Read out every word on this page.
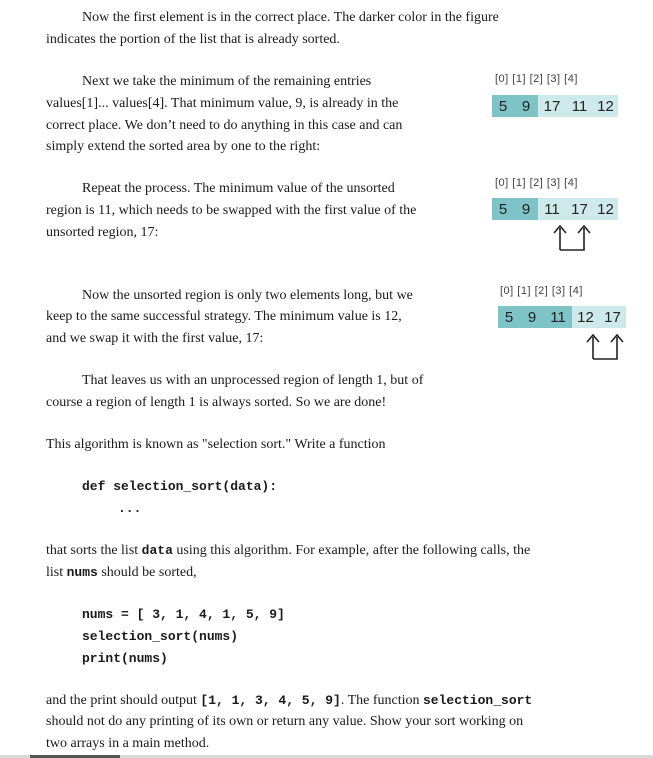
Now the first element is in the correct place. The darker color in the figure

indicates the portion of the list that is already sorted.

Next we take the minimum of the remaining entries

values[1]... values[4]. That minimum value, 9, is already in the

correct place. We don’t need to do anything in this case and can

simply extend the sorted area by one to the right:

[0] [1] [2] [3] [4]
5 9 17 11 12

Repeat the process. The minimum value of the unsorted

region is 11, which needs to be swapped with the first value of the

unsorted region, 17:

[0] [1] [2] [3] [4]
5 9 11 17 12

Now the unsorted region is only two elements long, but we

keep to the same successful strategy. The minimum value is 12,

and we swap it with the first value, 17:

[0] [1] [2] [3] [4]
5 9 11 12 17

That leaves us with an unprocessed region of length 1, but of

course a region of length 1 is always sorted. So we are done!

This algorithm is known as "selection sort." Write a function

def selection_sort(data):
...

that sorts the list data using this algorithm. For example, after the following calls, the

list nums should be sorted,

nums = [ 3, 1, 4, 1, 5, 9]
selection_sort(nums)
print(nums)

and the print should output [1, 1, 3, 4, 5, 9]. The function selection_sort

should not do any printing of its own or return any value. Show your sort working on

two arrays in a main method.
